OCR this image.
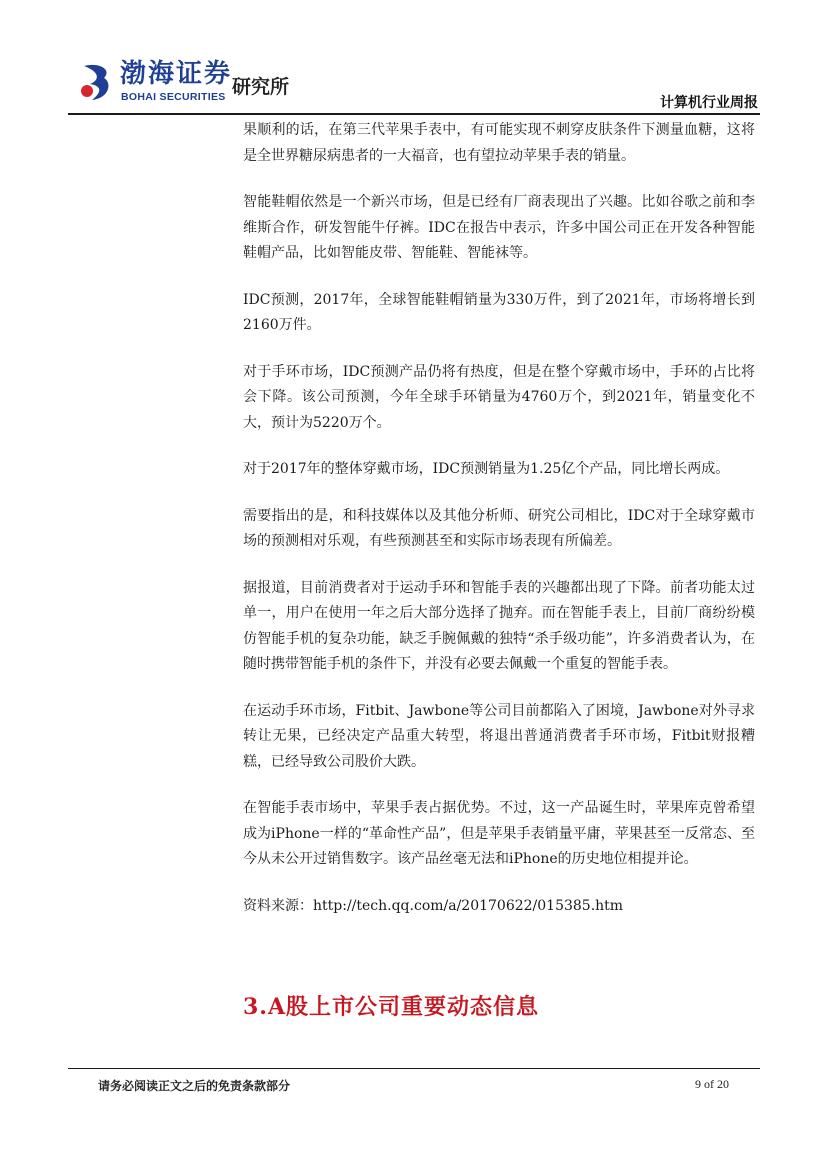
渤海证券
BOHAI SECURITIES 研究所
计算机行业周报

果顺利的话，在第三代苹果手表中，有可能实现不刺穿皮肤条件下测量血糖，这将是全世界糖尿病患者的一大福音，也有望拉动苹果手表的销量。

智能鞋帽依然是一个新兴市场，但是已经有厂商表现出了兴趣。比如谷歌之前和李维斯合作，研发智能牛仔裤。IDC在报告中表示，许多中国公司正在开发各种智能鞋帽产品，比如智能皮带、智能鞋、智能袜等。

IDC预测，2017年，全球智能鞋帽销量为330万件，到了2021年，市场将增长到2160万件。

对于手环市场，IDC预测产品仍将有热度，但是在整个穿戴市场中，手环的占比将会下降。该公司预测，今年全球手环销量为4760万个，到2021年，销量变化不大，预计为5220万个。

对于2017年的整体穿戴市场，IDC预测销量为1.25亿个产品，同比增长两成。

需要指出的是，和科技媒体以及其他分析师、研究公司相比，IDC对于全球穿戴市场的预测相对乐观，有些预测甚至和实际市场表现有所偏差。

据报道，目前消费者对于运动手环和智能手表的兴趣都出现了下降。前者功能太过单一，用户在使用一年之后大部分选择了抛弃。而在智能手表上，目前厂商纷纷模仿智能手机的复杂功能，缺乏手腕佩戴的独特“杀手级功能”，许多消费者认为，在随时携带智能手机的条件下，并没有必要去佩戴一个重复的智能手表。

在运动手环市场，Fitbit、Jawbone等公司目前都陷入了困境，Jawbone对外寻求转让无果，已经决定产品重大转型，将退出普通消费者手环市场，Fitbit财报糟糕，已经导致公司股价大跌。

在智能手表市场中，苹果手表占据优势。不过，这一产品诞生时，苹果库克曾希望成为iPhone一样的“革命性产品”，但是苹果手表销量平庸，苹果甚至一反常态、至今从未公开过销售数字。该产品丝毫无法和iPhone的历史地位相提并论。

资料来源：http://tech.qq.com/a/20170622/015385.htm

3.A股上市公司重要动态信息
请务必阅读正文之后的免责条款部分	9 of 20
